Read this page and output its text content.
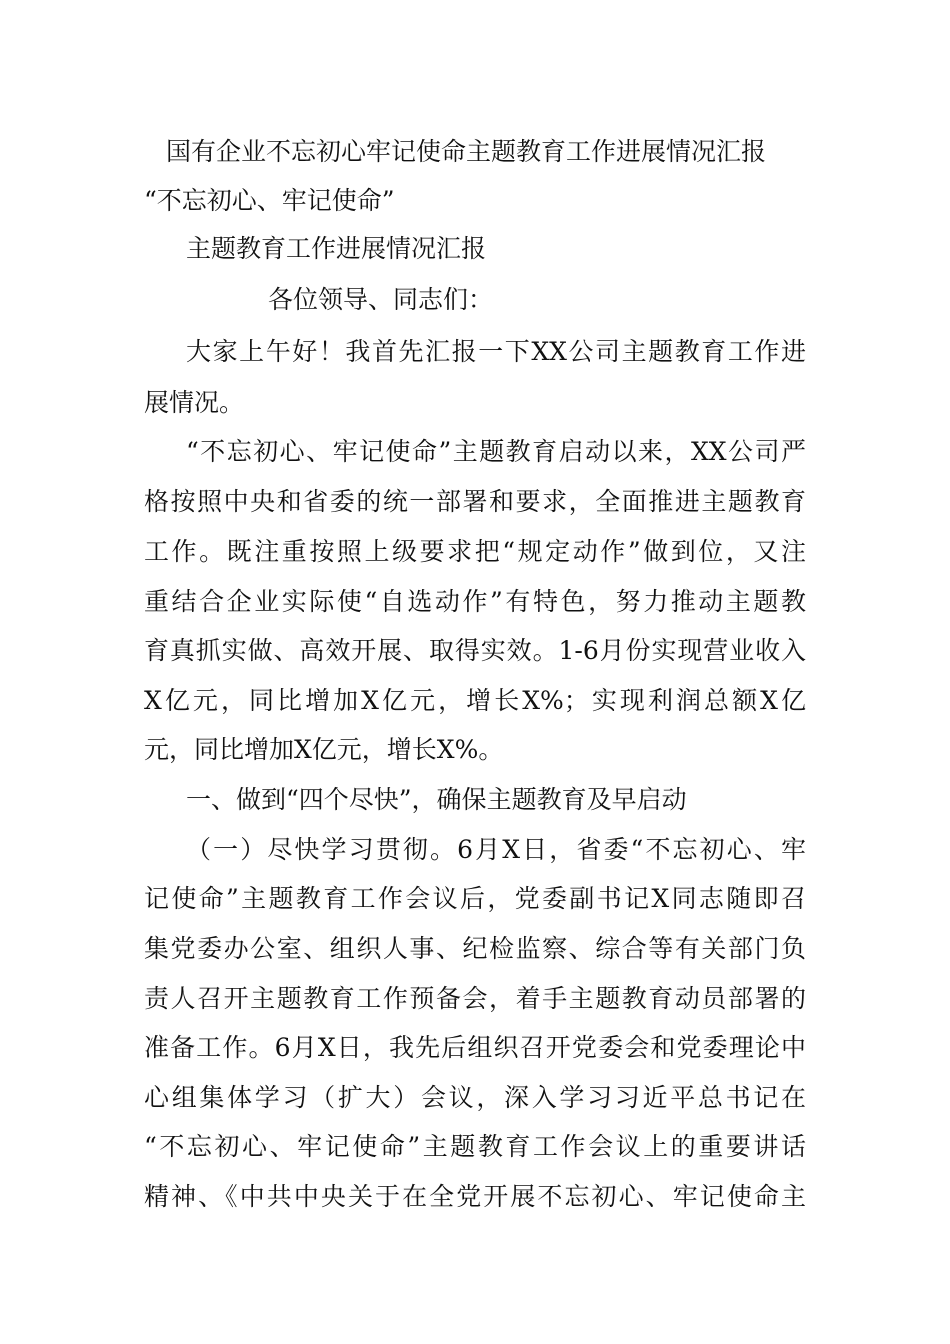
国有企业不忘初心牢记使命主题教育工作进展情况汇报
“不忘初心、牢记使命”
主题教育工作进展情况汇报
各位领导、同志们：
大家上午好！我首先汇报一下XX公司主题教育工作进
展情况。
“不忘初心、牢记使命”主题教育启动以来，XX公司严
格按照中央和省委的统一部署和要求，全面推进主题教育
工作。既注重按照上级要求把“规定动作”做到位，又注
重结合企业实际使“自选动作”有特色，努力推动主题教
育真抓实做、高效开展、取得实效。1-6月份实现营业收入
X亿元，同比增加X亿元，增长X%；实现利润总额X亿
元，同比增加X亿元，增长X%。
一、做到“四个尽快”，确保主题教育及早启动
（一）尽快学习贯彻。6月X日，省委“不忘初心、牢
记使命”主题教育工作会议后，党委副书记X同志随即召
集党委办公室、组织人事、纪检监察、综合等有关部门负
责人召开主题教育工作预备会，着手主题教育动员部署的
准备工作。6月X日，我先后组织召开党委会和党委理论中
心组集体学习（扩大）会议，深入学习习近平总书记在
“不忘初心、牢记使命”主题教育工作会议上的重要讲话
精神、《中共中央关于在全党开展不忘初心、牢记使命主
